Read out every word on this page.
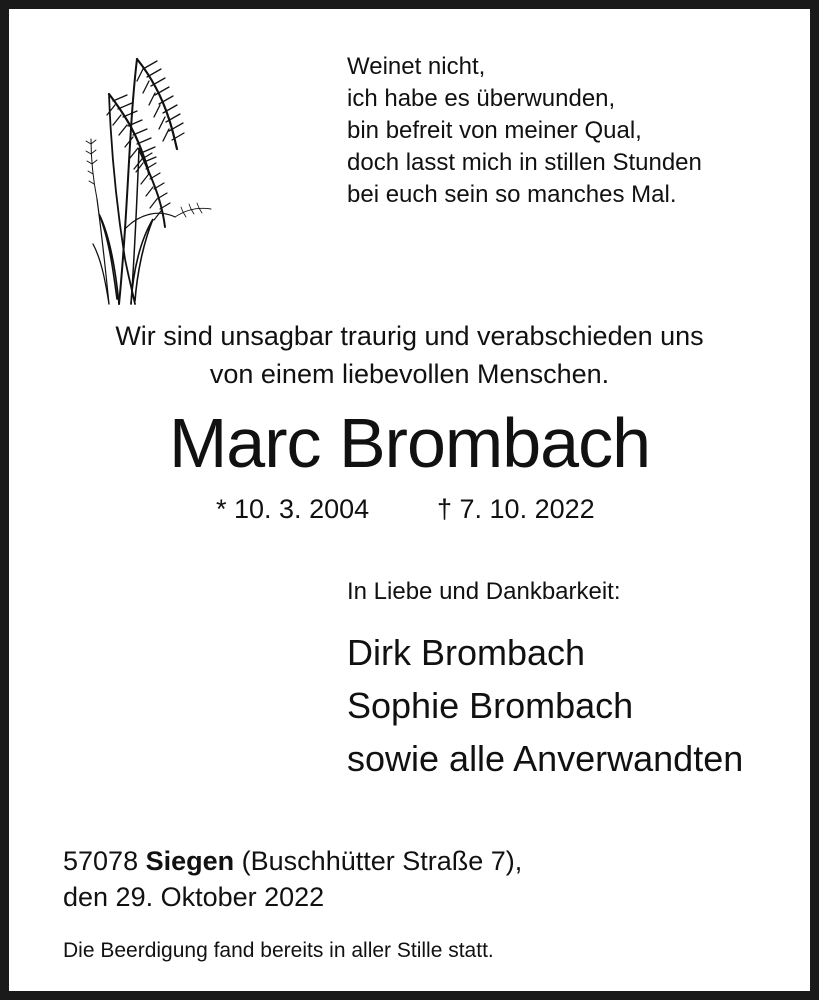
Weinet nicht,
ich habe es überwunden,
bin befreit von meiner Qual,
doch lasst mich in stillen Stunden
bei euch sein so manches Mal.
Wir sind unsagbar traurig und verabschieden uns
von einem liebevollen Menschen.
Marc Brombach
* 10. 3. 2004	† 7. 10. 2022
In Liebe und Dankbarkeit:
Dirk Brombach
Sophie Brombach
sowie alle Anverwandten
57078 Siegen (Buschhütter Straße 7),
den 29. Oktober 2022
Die Beerdigung fand bereits in aller Stille statt.
